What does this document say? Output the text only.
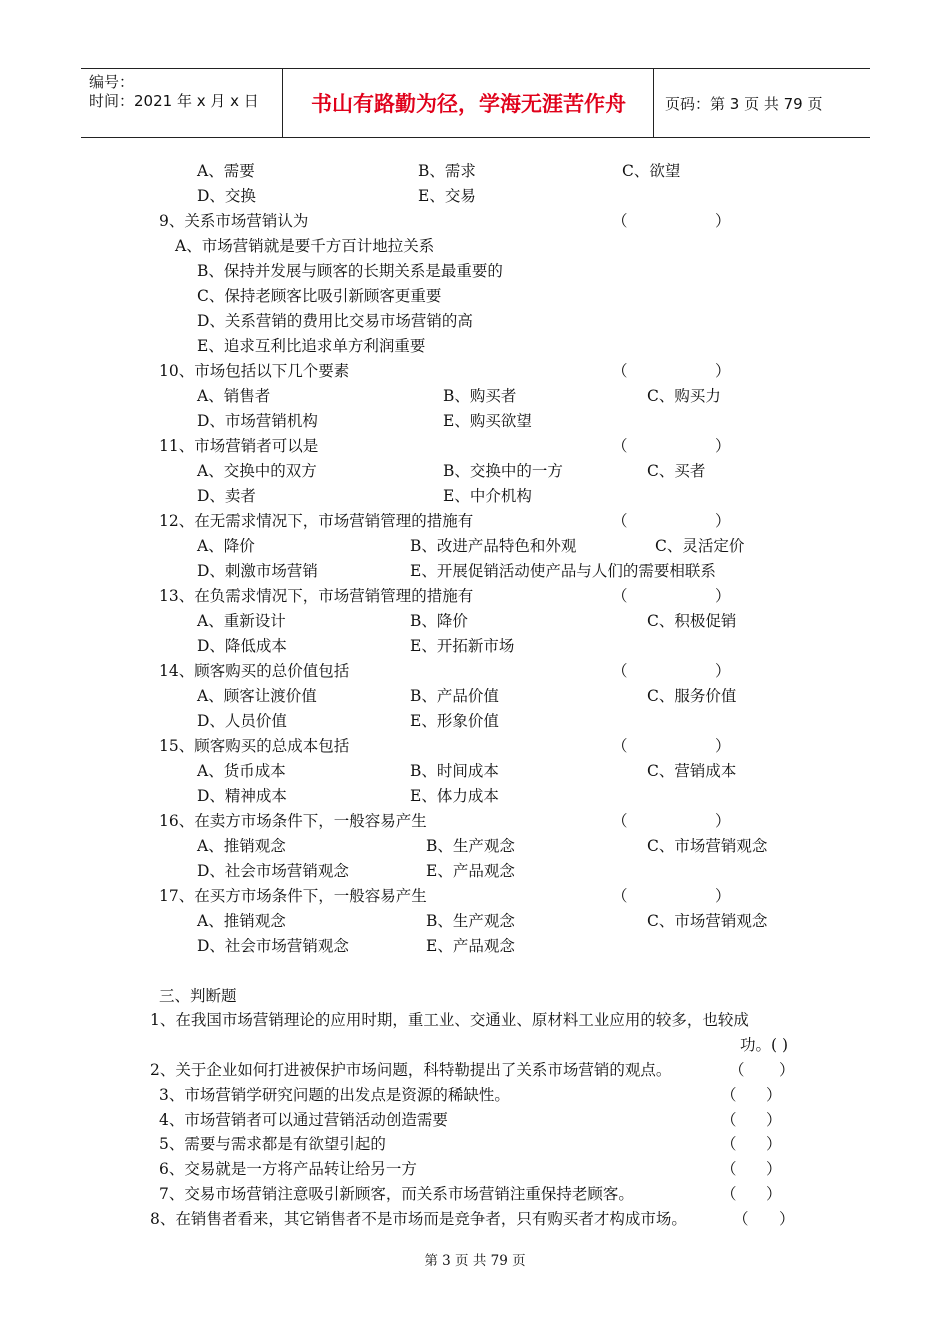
编号：
时间：2021 年 x 月 x 日	书山有路勤为径，学海无涯苦作舟	页码：第 3 页 共 79 页
A、需要	B、需求	C、欲望
D、交换	E、交易
9、关系市场营销认为	（	）
A、市场营销就是要千方百计地拉关系
B、保持并发展与顾客的长期关系是最重要的
C、保持老顾客比吸引新顾客更重要
D、关系营销的费用比交易市场营销的高
E、追求互利比追求单方利润重要
10、市场包括以下几个要素	（	）
A、销售者	B、购买者	C、购买力
D、市场营销机构	E、购买欲望
11、市场营销者可以是	（	）
A、交换中的双方	B、交换中的一方	C、买者
D、卖者	E、中介机构
12、在无需求情况下，市场营销管理的措施有	（	）
A、降价	B、改进产品特色和外观	C、灵活定价
D、刺激市场营销	E、开展促销活动使产品与人们的需要相联系
13、在负需求情况下，市场营销管理的措施有	（	）
A、重新设计	B、降价	C、积极促销
D、降低成本	E、开拓新市场
14、顾客购买的总价值包括	（	）
A、顾客让渡价值	B、产品价值	C、服务价值
D、人员价值	E、形象价值
15、顾客购买的总成本包括	（	）
A、货币成本	B、时间成本	C、营销成本
D、精神成本	E、体力成本
16、在卖方市场条件下，一般容易产生	（	）
A、推销观念	B、生产观念	C、市场营销观念
D、社会市场营销观念	E、产品观念
17、在买方市场条件下，一般容易产生	（	）
A、推销观念	B、生产观念	C、市场营销观念
D、社会市场营销观念	E、产品观念
三、判断题
1、在我国市场营销理论的应用时期，重工业、交通业、原材料工业应用的较多，也较成
功。( )
2、关于企业如何打进被保护市场问题，科特勒提出了关系市场营销的观点。	（ ）
3、市场营销学研究问题的出发点是资源的稀缺性。	（ ）
4、市场营销者可以通过营销活动创造需要	（ ）
5、需要与需求都是有欲望引起的	（ ）
6、交易就是一方将产品转让给另一方	（ ）
7、交易市场营销注意吸引新顾客，而关系市场营销注重保持老顾客。	（ ）
8、在销售者看来，其它销售者不是市场而是竞争者，只有购买者才构成市场。	（ ）
第 3 页 共 79 页
